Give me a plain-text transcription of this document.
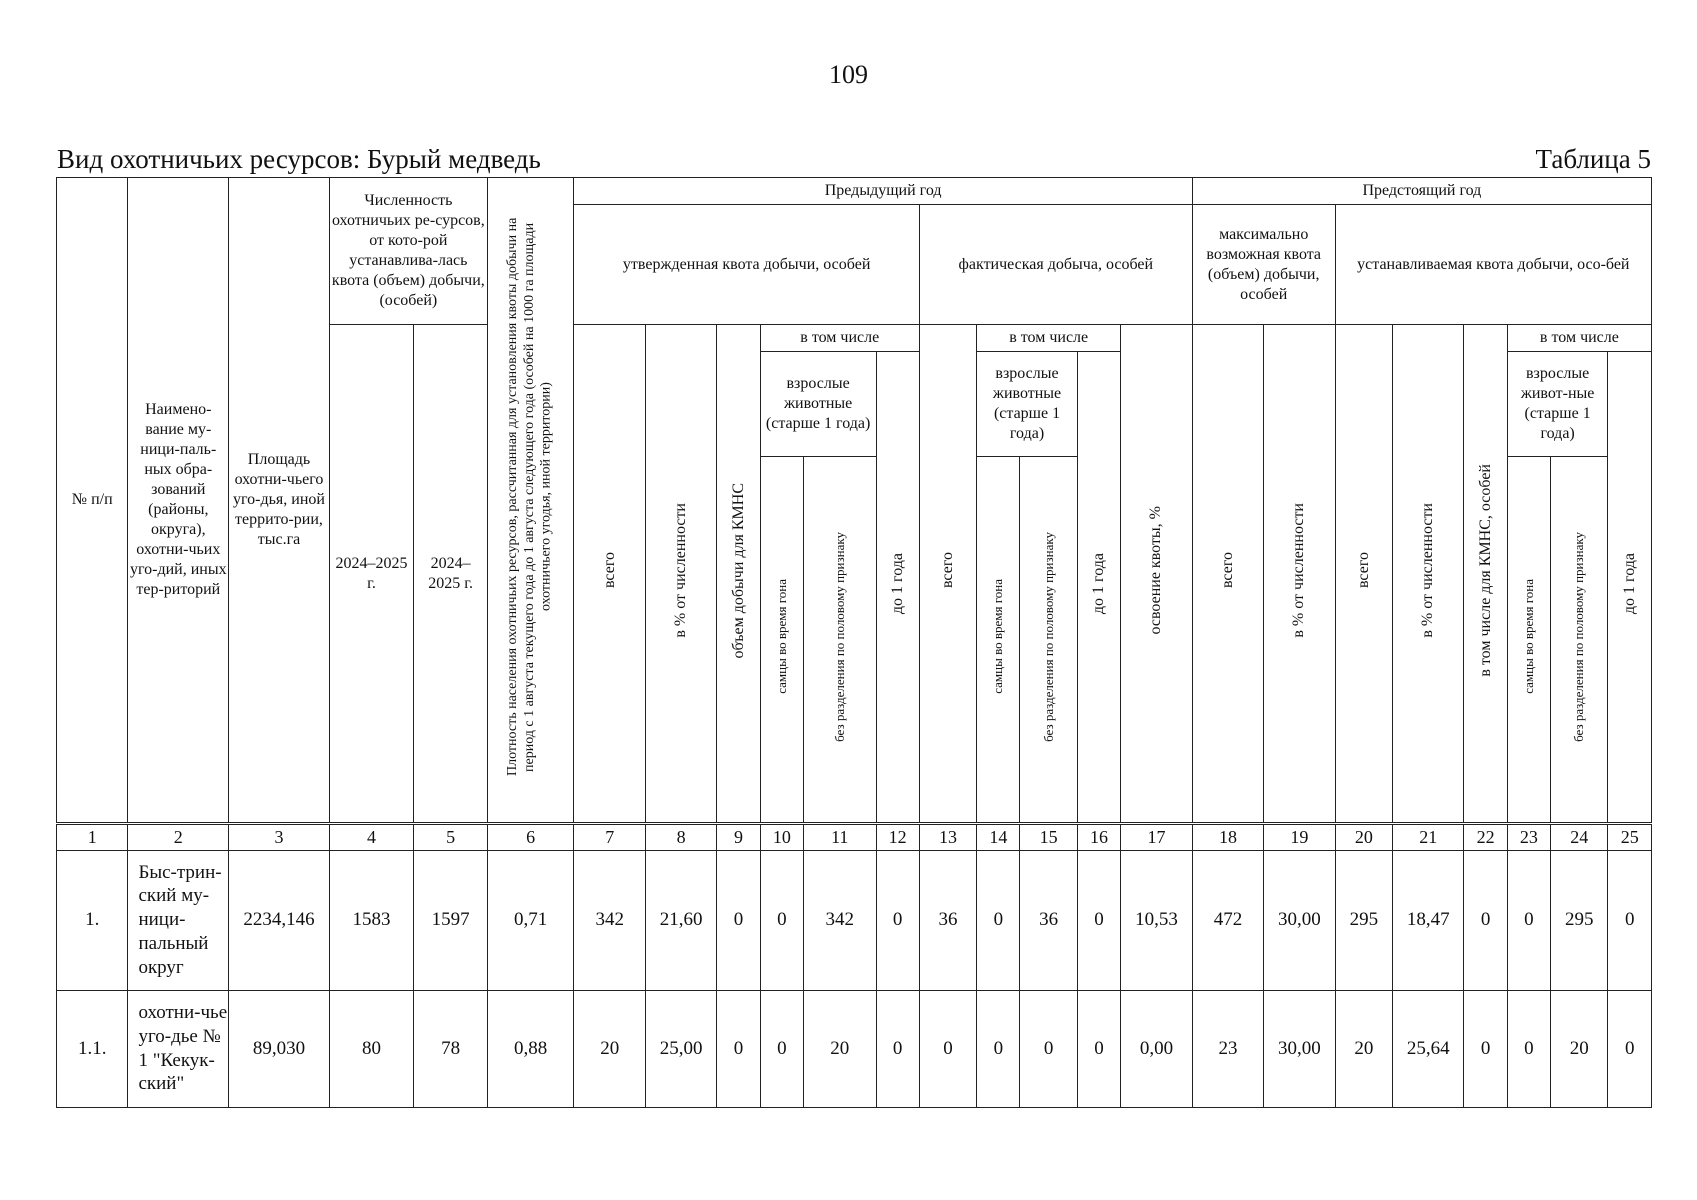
109
Вид охотничьих ресурсов: Бурый медведь	Таблица 5
№ п/п	Наимено-вание му-ници-паль-ных обра-зований (районы, округа), охотни-чьих уго-дий, иных тер-риторий	Площадь охотни-чьего уго-дья, иной террито-рии, тыс.га	Численность охотничьих ре-сурсов, от кото-рой устанавлива-лась квота (объем) добычи, (особей)		Плотность населения охотничьих ресурсов, рассчитанная для установления квоты добычи на период с 1 августа текущего года до 1 августа следующего года (особей на 1000 га площади охотничьего угодья, иной территории)	Предыдущий год											Предстоящий год							
						утвержденная квота добычи, особей						фактическая добыча, особей					максимально возможная квота (объем) добычи, особей		устанавливаемая квота добычи, осо-бей					
			2024–2025 г.	2024–2025 г.		всего	в % от численности	объем добычи для КМНС	в том числе			всего	в том числе			освоение квоты, %	всего	в % от численности	всего	в % от численности	в том числе для КМНС, особей	в том числе		
									взрослые животные (старше 1 года)		до 1 года		взрослые животные (старше 1 года)		до 1 года							взрослые живот-ные (старше 1 года)		до 1 года
									самцы во время гона	без разделения по половому признаку			самцы во время гона	без разделения по половому признаку								самцы во время гона	без разделения по половому признаку	
1	2	3	4	5	6	7	8	9	10	11	12	13	14	15	16	17	18	19	20	21	22	23	24	25
1.	Быс-трин-ский му-ници-пальный округ	2234,146	1583	1597	0,71	342	21,60	0	0	342	0	36	0	36	0	10,53	472	30,00	295	18,47	0	0	295	0
1.1.	охотни-чье уго-дье № 1 "Кекук-ский"	89,030	80	78	0,88	20	25,00	0	0	20	0	0	0	0	0	0,00	23	30,00	20	25,64	0	0	20	0
